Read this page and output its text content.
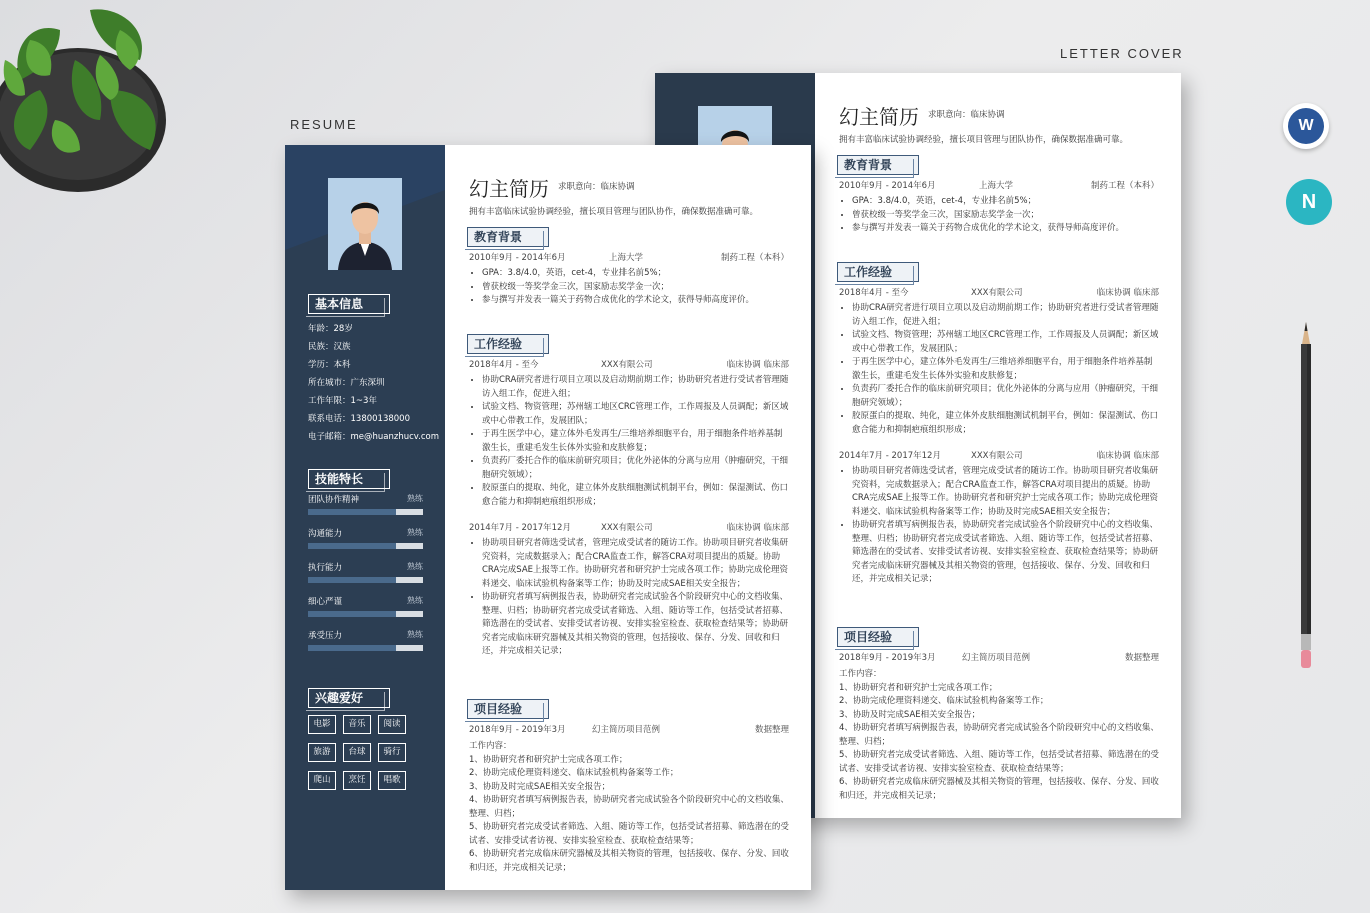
RESUME
LETTER COVER
幻主简历 求职意向：临床协调
拥有丰富临床试验协调经验，擅长项目管理与团队协作，确保数据准确可靠。
教育背景
2010年9月 - 2014年6月	上海大学	制药工程（本科）
• GPA：3.8/4.0，英语，cet-4，专业排名前5%；
• 曾获校级一等奖学金三次，国家励志奖学金一次；
• 参与撰写并发表一篇关于药物合成优化的学术论文，获得导师高度评价。
工作经验
2018年4月 - 至今	XXX有限公司	临床协调 临床部
• 协助CRA研究者进行项目立项以及启动期前期工作；协助研究者进行受试者管理随访入组工作，促进入组；
• 试验文档、物资管理；苏州辖工地区CRC管理工作，工作周报及人员调配；新区域或中心带教工作，发展团队；
• 于再生医学中心，建立体外毛发再生/三维培养细胞平台，用于细胞条件培养基制激生长，重建毛发生长体外实验和皮肤修复；
• 负责药厂委托合作的临床前研究项目；优化外泌体的分离与应用（肿瘤研究，干细胞研究领域）；
• 胶原蛋白的提取、纯化，建立体外皮肤细胞测试机制平台，例如：保湿测试、伤口愈合能力和抑制疤痕组织形成；
2014年7月 - 2017年12月	XXX有限公司	临床协调 临床部
• 协助项目研究者筛选受试者，管理完成受试者的随访工作。协助项目研究者收集研究资料，完成数据录入；配合CRA监查工作，解答CRA对项目提出的质疑。协助CRA完成SAE上报等工作。协助研究者和研究护士完成各项工作；协助完成伦理资料递交、临床试验机构备案等工作；协助及时完成SAE相关安全报告；
• 协助研究者填写病例报告表，协助研究者完成试验各个阶段研究中心的文档收集、整理、归档；协助研究者完成受试者筛选、入组、随访等工作，包括受试者招募、筛选潜在的受试者、安排受试者访视、安排实验室检查、获取检查结果等；协助研究者完成临床研究器械及其相关物资的管理，包括接收、保存、分发、回收和归还，并完成相关记录；
项目经验
2018年9月 - 2019年3月	幻主简历项目范例	数据整理
工作内容：
1、协助研究者和研究护士完成各项工作；
2、协助完成伦理资料递交、临床试验机构备案等工作；
3、协助及时完成SAE相关安全报告；
4、协助研究者填写病例报告表，协助研究者完成试验各个阶段研究中心的文档收集、整理、归档；
5、协助研究者完成受试者筛选、入组、随访等工作，包括受试者招募、筛选潜在的受试者、安排受试者访视、安排实验室检查、获取检查结果等；
6、协助研究者完成临床研究器械及其相关物资的管理，包括接收、保存、分发、回收和归还，并完成相关记录；
基本信息
年龄：28岁
民族：汉族
学历：本科
所在城市：广东深圳
工作年限：1~3年
联系电话：13800138000
电子邮箱：me@huanzhucv.com
技能特长
团队协作精神	熟练
沟通能力	熟练
执行能力	熟练
细心严谨	熟练
承受压力	熟练
兴趣爱好
电影	音乐	阅读
旅游	台球	骑行
爬山	烹饪	唱歌
幻主简历 求职意向：临床协调
拥有丰富临床试验协调经验，擅长项目管理与团队协作，确保数据准确可靠。
教育背景
2010年9月 - 2014年6月	上海大学	制药工程（本科）
• GPA：3.8/4.0，英语，cet-4，专业排名前5%；
• 曾获校级一等奖学金三次，国家励志奖学金一次；
• 参与撰写并发表一篇关于药物合成优化的学术论文，获得导师高度评价。
工作经验
2018年4月 - 至今	XXX有限公司	临床协调 临床部
• 协助CRA研究者进行项目立项以及启动期前期工作；协助研究者进行受试者管理随访入组工作，促进入组；
• 试验文档、物资管理；苏州辖工地区CRC管理工作，工作周报及人员调配；新区域或中心带教工作，发展团队；
• 于再生医学中心，建立体外毛发再生/三维培养细胞平台，用于细胞条件培养基制激生长，重建毛发生长体外实验和皮肤修复；
• 负责药厂委托合作的临床前研究项目；优化外泌体的分离与应用（肿瘤研究，干细胞研究领域）；
• 胶原蛋白的提取、纯化，建立体外皮肤细胞测试机制平台，例如：保湿测试、伤口愈合能力和抑制疤痕组织形成；
2014年7月 - 2017年12月	XXX有限公司	临床协调 临床部
• 协助项目研究者筛选受试者，管理完成受试者的随访工作。协助项目研究者收集研究资料，完成数据录入；配合CRA监查工作，解答CRA对项目提出的质疑。协助CRA完成SAE上报等工作。协助研究者和研究护士完成各项工作；协助完成伦理资料递交、临床试验机构备案等工作；协助及时完成SAE相关安全报告；
• 协助研究者填写病例报告表，协助研究者完成试验各个阶段研究中心的文档收集、整理、归档；协助研究者完成受试者筛选、入组、随访等工作，包括受试者招募、筛选潜在的受试者、安排受试者访视、安排实验室检查、获取检查结果等；协助研究者完成临床研究器械及其相关物资的管理，包括接收、保存、分发、回收和归还，并完成相关记录；
项目经验
2018年9月 - 2019年3月	幻主简历项目范例	数据整理
工作内容：
1、协助研究者和研究护士完成各项工作；
2、协助完成伦理资料递交、临床试验机构备案等工作；
3、协助及时完成SAE相关安全报告；
4、协助研究者填写病例报告表，协助研究者完成试验各个阶段研究中心的文档收集、整理、归档；
5、协助研究者完成受试者筛选、入组、随访等工作，包括受试者招募、筛选潜在的受试者、安排受试者访视、安排实验室检查、获取检查结果等；
6、协助研究者完成临床研究器械及其相关物资的管理，包括接收、保存、分发、回收和归还，并完成相关记录；
W
N
